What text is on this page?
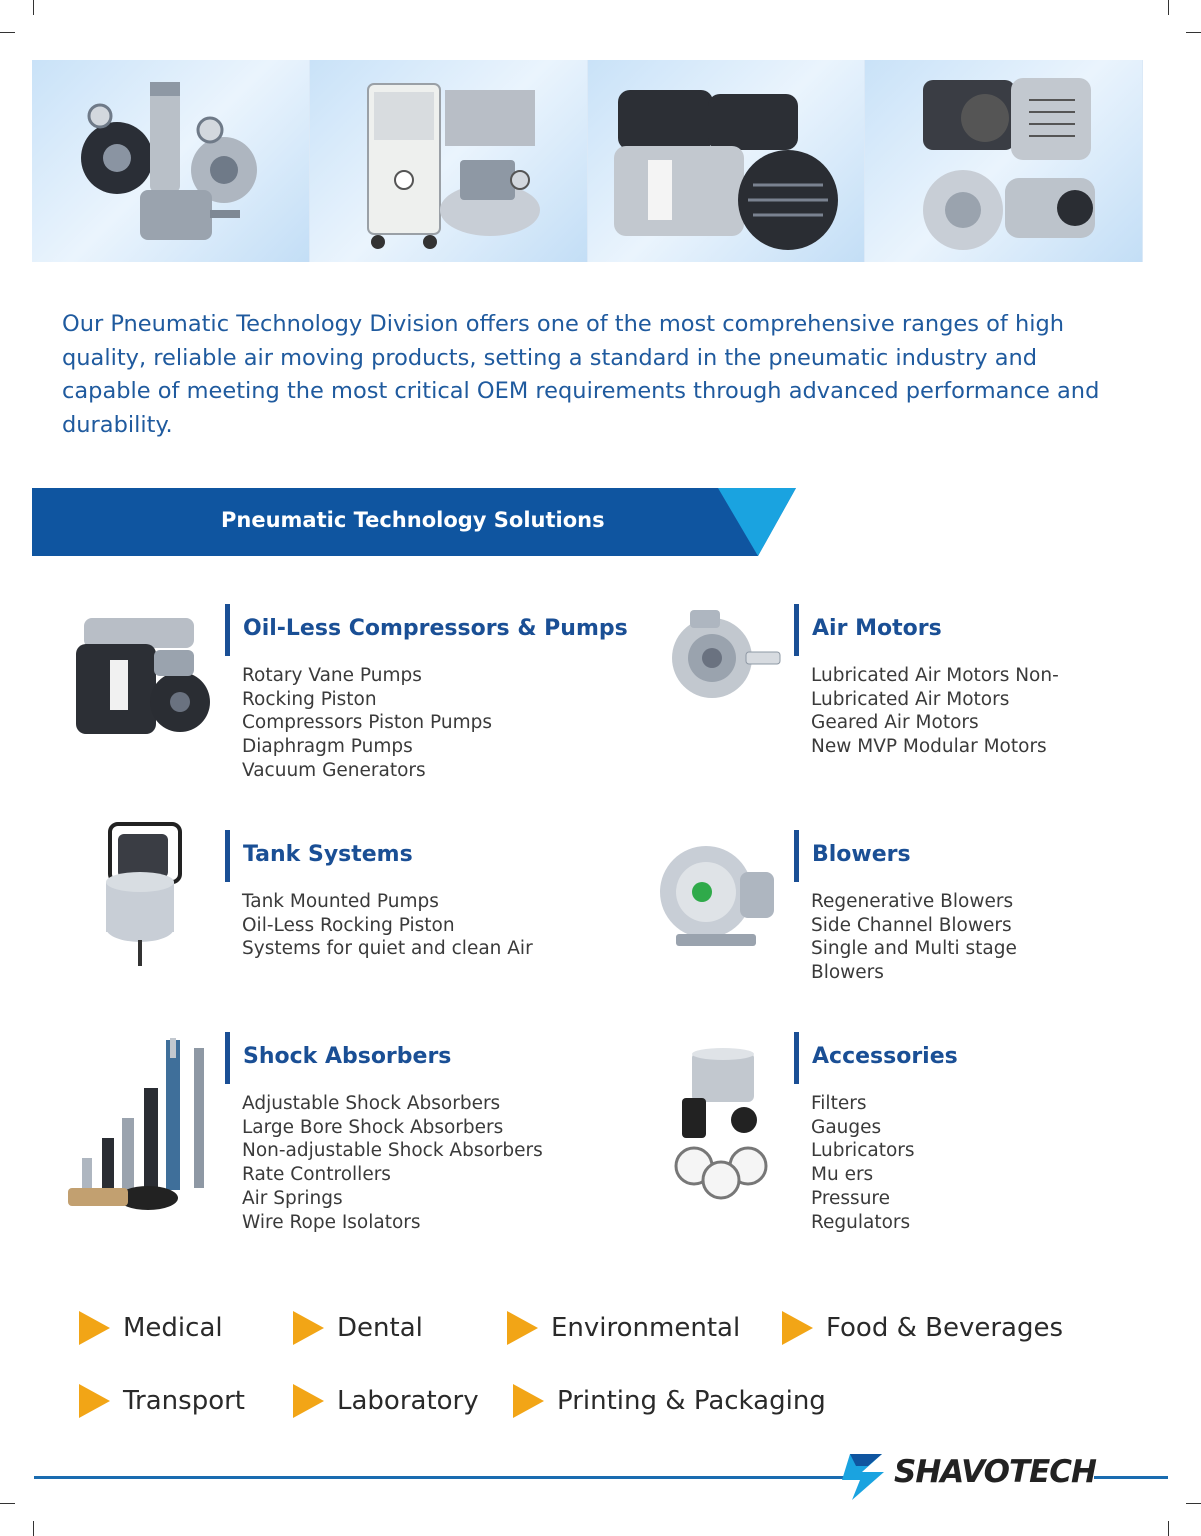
Our Pneumatic Technology Division offers one of the most comprehensive ranges of high quality, reliable air moving products, setting a standard in the pneumatic industry and capable of meeting the most critical OEM requirements through advanced performance and durability.

Pneumatic Technology Solutions
Oil-Less Compressors & Pumps
Rotary Vane Pumps
Rocking Piston
Compressors Piston Pumps
Diaphragm Pumps
Vacuum Generators
Air Motors
Lubricated Air Motors Non-
Lubricated Air Motors
Geared Air Motors
New MVP Modular Motors
Tank Systems
Tank Mounted Pumps
Oil-Less Rocking Piston
Systems for quiet and clean Air
Blowers
Regenerative Blowers
Side Channel Blowers
Single and Multi stage
Blowers
Shock Absorbers
Adjustable Shock Absorbers
Large Bore Shock Absorbers
Non-adjustable Shock Absorbers
Rate Controllers
Air Springs
Wire Rope Isolators
Accessories
Filters
Gauges
Lubricators
Mu ers
Pressure
Regulators
Medical	Dental	Environmental	Food & Beverages
Transport	Laboratory	Printing & Packaging
SHAVOTECH
